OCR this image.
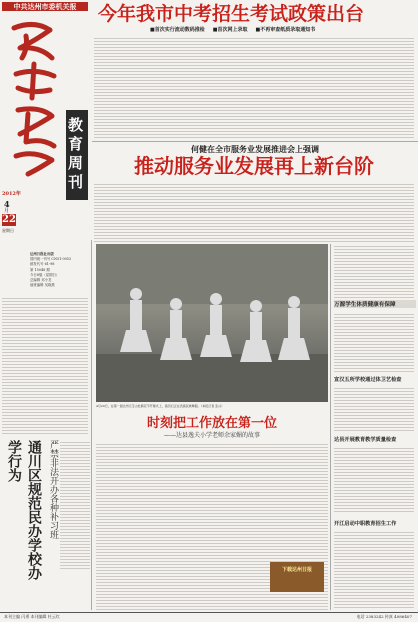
中共达州市委机关报
教育周刊
2012年
4
月
22
星期日
达州日报社出版
国内统一刊号 CN51-0053
邮发代号 61-98
第 15048 期
今日8版（星期日）
总编辑 邓小龙
值班编辑 吴晓燕
今年我市中考招生考试政策出台
■首次实行流动数码推检 ■首次网上录取 ■不再审查纸质录取通知书
何健在全市服务业发展推进会上强调
推动服务业发展再上新台阶
通川区规范民办学校办学行为	严禁非法开办各种补习班
4月20日，在第一届达州元宝山杜鹃花节开幕式上，演员们正在表演民族舞蹈。（本报记者 张兴）
时刻把工作放在第一位
——达县逸夫小学老师余家媚的故事
下载达州日报
万源学生体质健康有保障
宣汉五所学校通过体卫艺检查
达县开展教育教学质量检查
开江启动中职教育招生工作
本刊主编 闪勇 本刊编辑 杜云红	电话 2383242 传真 4086407
